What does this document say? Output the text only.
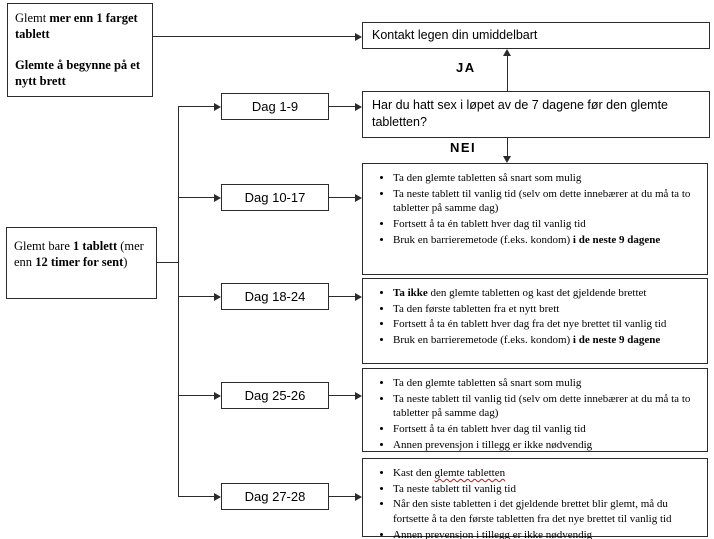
Glemt mer enn 1 farget tablett

Glemte å begynne på et nytt brett

Glemt bare 1 tablett (mer enn 12 timer for sent)

Kontakt legen din umiddelbart
Har du hatt sex i løpet av de 7 dagene før den glemte tabletten?
JA
NEI
Dag 1-9
Dag 10-17
Dag 18-24
Dag 25-26
Dag 27-28
• Ta den glemte tabletten så snart som mulig
• Ta neste tablett til vanlig tid (selv om dette innebærer at du må ta to tabletter på samme dag)
• Fortsett å ta én tablett hver dag til vanlig tid
• Bruk en barrieremetode (f.eks. kondom) i de neste 9 dagene
• Ta ikke den glemte tabletten og kast det gjeldende brettet
• Ta den første tabletten fra et nytt brett
• Fortsett å ta én tablett hver dag fra det nye brettet til vanlig tid
• Bruk en barrieremetode (f.eks. kondom) i de neste 9 dagene
• Ta den glemte tabletten så snart som mulig
• Ta neste tablett til vanlig tid (selv om dette innebærer at du må ta to tabletter på samme dag)
• Fortsett å ta én tablett hver dag til vanlig tid
• Annen prevensjon i tillegg er ikke nødvendig
• Kast den glemte tabletten
• Ta neste tablett til vanlig tid
• Når den siste tabletten i det gjeldende brettet blir glemt, må du fortsette å ta den første tabletten fra det nye brettet til vanlig tid
• Annen prevensjon i tillegg er ikke nødvendig
